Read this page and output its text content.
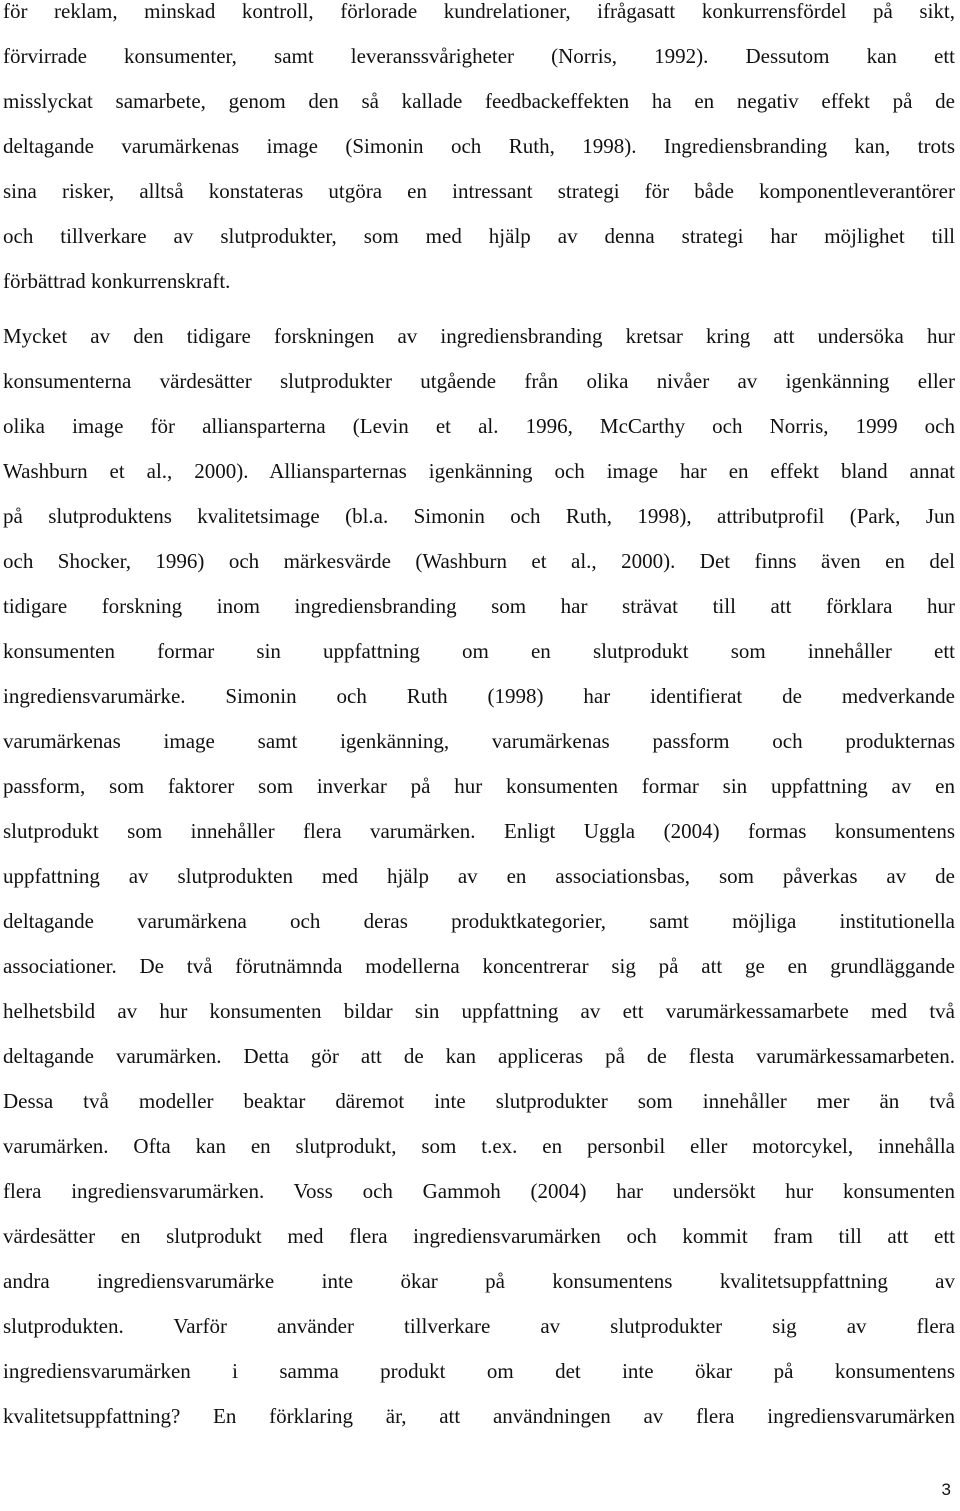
för reklam, minskad kontroll, förlorade kundrelationer, ifrågasatt konkurrensfördel på sikt,
förvirrade konsumenter, samt leveranssvårigheter (Norris, 1992). Dessutom kan ett
misslyckat samarbete, genom den så kallade feedbackeffekten ha en negativ effekt på de
deltagande varumärkenas image (Simonin och Ruth, 1998). Ingrediensbranding kan, trots
sina risker, alltså konstateras utgöra en intressant strategi för både komponentleverantörer
och tillverkare av slutprodukter, som med hjälp av denna strategi har möjlighet till
förbättrad konkurrenskraft.

Mycket av den tidigare forskningen av ingrediensbranding kretsar kring att undersöka hur
konsumenterna värdesätter slutprodukter utgående från olika nivåer av igenkänning eller
olika image för alliansparterna (Levin et al. 1996, McCarthy och Norris, 1999 och
Washburn et al., 2000). Alliansparternas igenkänning och image har en effekt bland annat
på slutproduktens kvalitetsimage (bl.a. Simonin och Ruth, 1998), attributprofil (Park, Jun
och Shocker, 1996) och märkesvärde (Washburn et al., 2000). Det finns även en del
tidigare forskning inom ingrediensbranding som har strävat till att förklara hur
konsumenten formar sin uppfattning om en slutprodukt som innehåller ett
ingrediensvarumärke. Simonin och Ruth (1998) har identifierat de medverkande
varumärkenas image samt igenkänning, varumärkenas passform och produkternas
passform, som faktorer som inverkar på hur konsumenten formar sin uppfattning av en
slutprodukt som innehåller flera varumärken. Enligt Uggla (2004) formas konsumentens
uppfattning av slutprodukten med hjälp av en associationsbas, som påverkas av de
deltagande varumärkena och deras produktkategorier, samt möjliga institutionella
associationer. De två förutnämnda modellerna koncentrerar sig på att ge en grundläggande
helhetsbild av hur konsumenten bildar sin uppfattning av ett varumärkessamarbete med två
deltagande varumärken. Detta gör att de kan appliceras på de flesta varumärkessamarbeten.
Dessa två modeller beaktar däremot inte slutprodukter som innehåller mer än två
varumärken. Ofta kan en slutprodukt, som t.ex. en personbil eller motorcykel, innehålla
flera ingrediensvarumärken. Voss och Gammoh (2004) har undersökt hur konsumenten
värdesätter en slutprodukt med flera ingrediensvarumärken och kommit fram till att ett
andra ingrediensvarumärke inte ökar på konsumentens kvalitetsuppfattning av
slutprodukten. Varför använder tillverkare av slutprodukter sig av flera
ingrediensvarumärken i samma produkt om det inte ökar på konsumentens
kvalitetsuppfattning? En förklaring är, att användningen av flera ingrediensvarumärken

3
